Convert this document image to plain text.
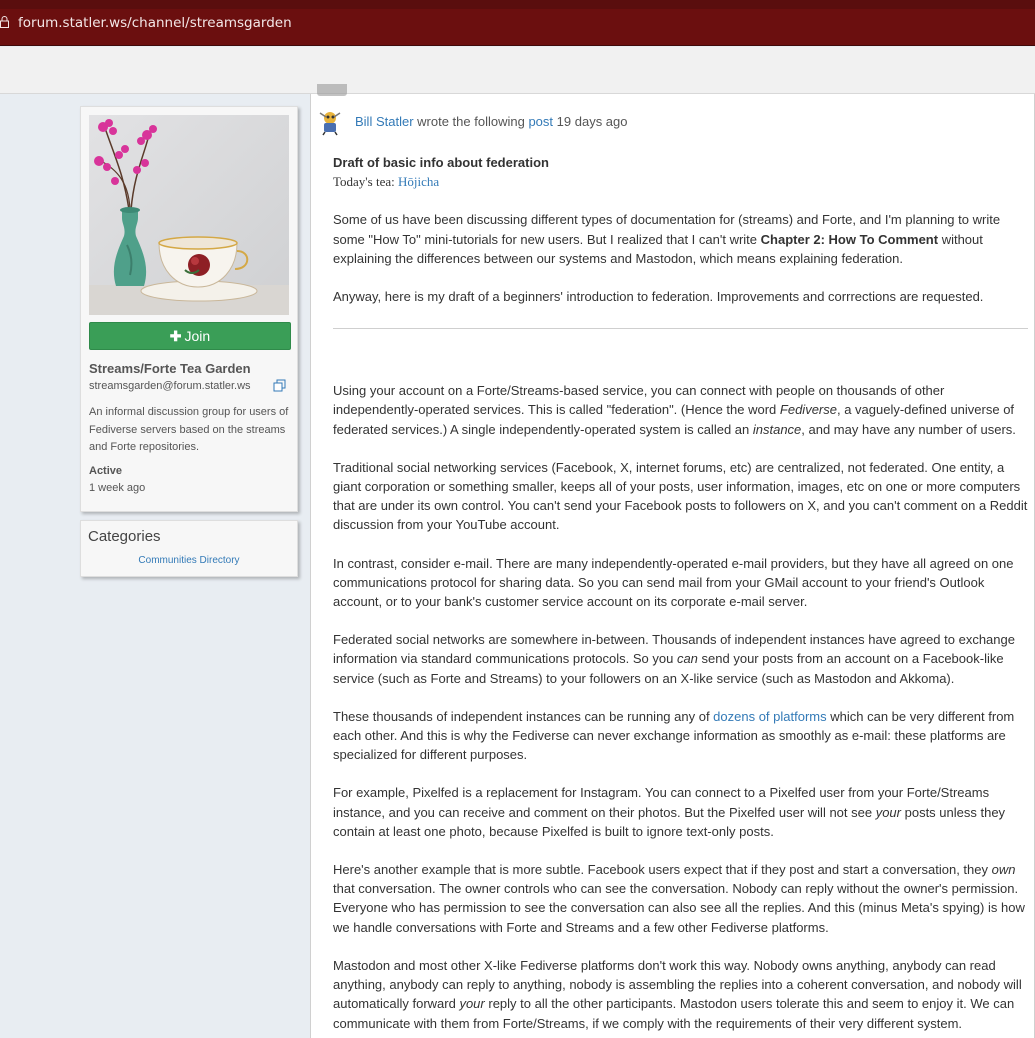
forum.statler.ws/channel/streamsgarden
✚ Join
Streams/Forte Tea Garden
streamsgarden@forum.statler.ws
An informal discussion group for users of Fediverse servers based on the streams and Forte repositories.
Active
1 week ago
Categories
Communities Directory
Bill Statler wrote the following post 19 days ago
Draft of basic info about federation
Today's tea: Hōjicha

Some of us have been discussing different types of documentation for (streams) and Forte, and I'm planning to write some "How To" mini-tutorials for new users. But I realized that I can't write Chapter 2: How To Comment without explaining the differences between our systems and Mastodon, which means explaining federation.

Anyway, here is my draft of a beginners' introduction to federation. Improvements and corrrections are requested.

Using your account on a Forte/Streams-based service, you can connect with people on thousands of other independently-operated services. This is called "federation". (Hence the word Fediverse, a vaguely-defined universe of federated services.) A single independently-operated system is called an instance, and may have any number of users.

Traditional social networking services (Facebook, X, internet forums, etc) are centralized, not federated. One entity, a giant corporation or something smaller, keeps all of your posts, user information, images, etc on one or more computers that are under its own control. You can't send your Facebook posts to followers on X, and you can't comment on a Reddit discussion from your YouTube account.

In contrast, consider e-mail. There are many independently-operated e-mail providers, but they have all agreed on one communications protocol for sharing data. So you can send mail from your GMail account to your friend's Outlook account, or to your bank's customer service account on its corporate e-mail server.

Federated social networks are somewhere in-between. Thousands of independent instances have agreed to exchange information via standard communications protocols. So you can send your posts from an account on a Facebook-like service (such as Forte and Streams) to your followers on an X-like service (such as Mastodon and Akkoma).

These thousands of independent instances can be running any of dozens of platforms which can be very different from each other. And this is why the Fediverse can never exchange information as smoothly as e-mail: these platforms are specialized for different purposes.

For example, Pixelfed is a replacement for Instagram. You can connect to a Pixelfed user from your Forte/Streams instance, and you can receive and comment on their photos. But the Pixelfed user will not see your posts unless they contain at least one photo, because Pixelfed is built to ignore text-only posts.

Here's another example that is more subtle. Facebook users expect that if they post and start a conversation, they own that conversation. The owner controls who can see the conversation. Nobody can reply without the owner's permission. Everyone who has permission to see the conversation can also see all the replies. And this (minus Meta's spying) is how we handle conversations with Forte and Streams and a few other Fediverse platforms.

Mastodon and most other X-like Fediverse platforms don't work this way. Nobody owns anything, anybody can read anything, anybody can reply to anything, nobody is assembling the replies into a coherent conversation, and nobody will automatically forward your reply to all the other participants. Mastodon users tolerate this and seem to enjoy it. We can communicate with them from Forte/Streams, if we comply with the requirements of their very different system.
